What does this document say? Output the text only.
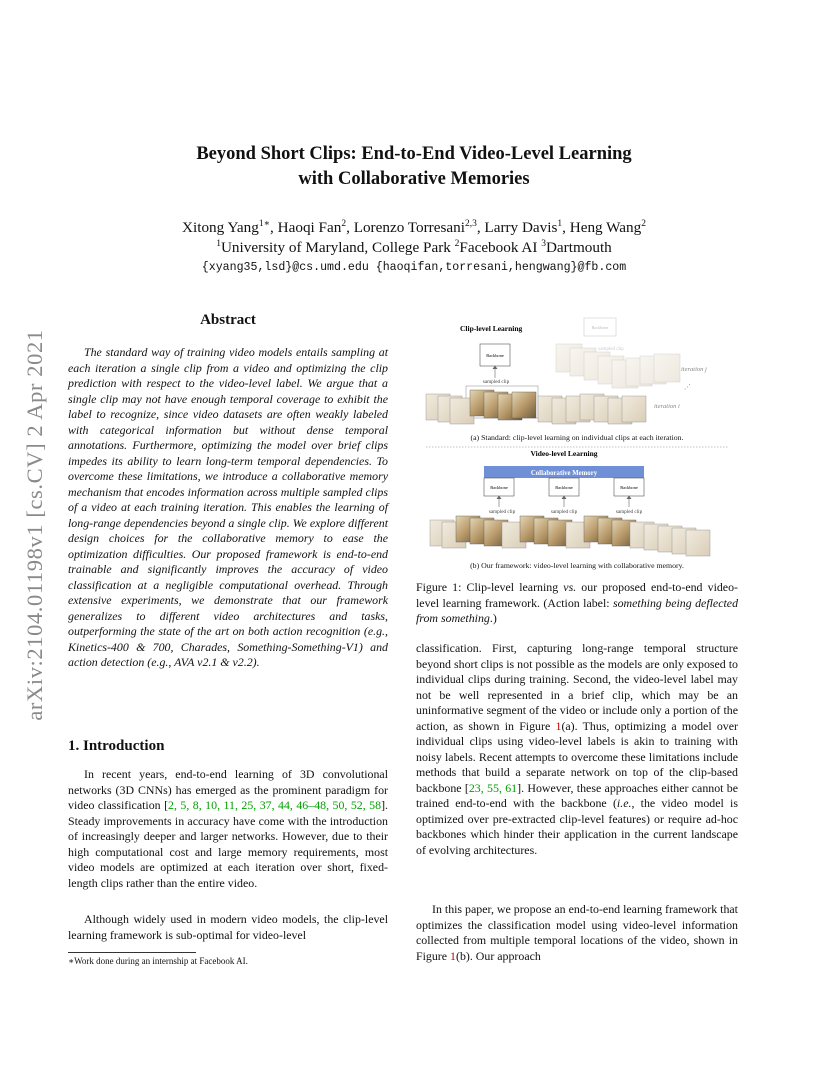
Beyond Short Clips: End-to-End Video-Level Learning
with Collaborative Memories
Xitong Yang$^{1∗}$, Haoqi Fan$^2$, Lorenzo Torresani$^{2,3}$, Larry Davis$^1$, Heng Wang$^2$
$^1$University of Maryland, College Park $^2$Facebook AI $^3$Dartmouth
{xyang35,lsd}@cs.umd.edu {haoqifan,torresani,hengwang}@fb.com
arXiv:2104.01198v1 [cs.CV] 2 Apr 2021
Abstract
The standard way of training video models entails sampling at each iteration a single clip from a video and optimizing the clip prediction with respect to the video-level label. We argue that a single clip may not have enough temporal coverage to exhibit the label to recognize, since video datasets are often weakly labeled with categorical information but without dense temporal annotations. Furthermore, optimizing the model over brief clips impedes its ability to learn long-term temporal dependencies. To overcome these limitations, we introduce a collaborative memory mechanism that encodes information across multiple sampled clips of a video at each training iteration. This enables the learning of long-range dependencies beyond a single clip. We explore different design choices for the collaborative memory to ease the optimization difficulties. Our proposed framework is end-to-end trainable and significantly improves the accuracy of video classification at a negligible computational overhead. Through extensive experiments, we demonstrate that our framework generalizes to different video architectures and tasks, outperforming the state of the art on both action recognition (e.g., Kinetics-400 & 700, Charades, Something-Something-V1) and action detection (e.g., AVA v2.1 & v2.2).
1. Introduction
In recent years, end-to-end learning of 3D convolutional networks (3D CNNs) has emerged as the prominent paradigm for video classification [2, 5, 8, 10, 11, 25, 37, 44, 46–48, 50, 52, 58]. Steady improvements in accuracy have come with the introduction of increasingly deeper and larger networks. However, due to their high computational cost and large memory requirements, most video models are optimized at each iteration over short, fixed-length clips rather than the entire video.
Although widely used in modern video models, the clip-level learning framework is sub-optimal for video-level
∗Work done during an internship at Facebook AI.
Clip-level Learning	Backbone
sampled clip
iteration j
⋰
iteration i
Backbone
sampled clip
(a) Standard: clip-level learning on individual clips at each iteration.
Video-level Learning
Collaborative Memory
Backbone
sampled clip
Backbone
sampled clip
Backbone
sampled clip
(b) Our framework: video-level learning with collaborative memory.
Figure 1: Clip-level learning vs. our proposed end-to-end video-level learning framework. (Action label: something being deflected from something.)
classification. First, capturing long-range temporal structure beyond short clips is not possible as the models are only exposed to individual clips during training. Second, the video-level label may not be well represented in a brief clip, which may be an uninformative segment of the video or include only a portion of the action, as shown in Figure 1(a). Thus, optimizing a model over individual clips using video-level labels is akin to training with noisy labels. Recent attempts to overcome these limitations include methods that build a separate network on top of the clip-based backbone [23, 55, 61]. However, these approaches either cannot be trained end-to-end with the backbone (i.e., the video model is optimized over pre-extracted clip-level features) or require ad-hoc backbones which hinder their application in the current landscape of evolving architectures.
In this paper, we propose an end-to-end learning framework that optimizes the classification model using video-level information collected from multiple temporal locations of the video, shown in Figure 1(b). Our approach
